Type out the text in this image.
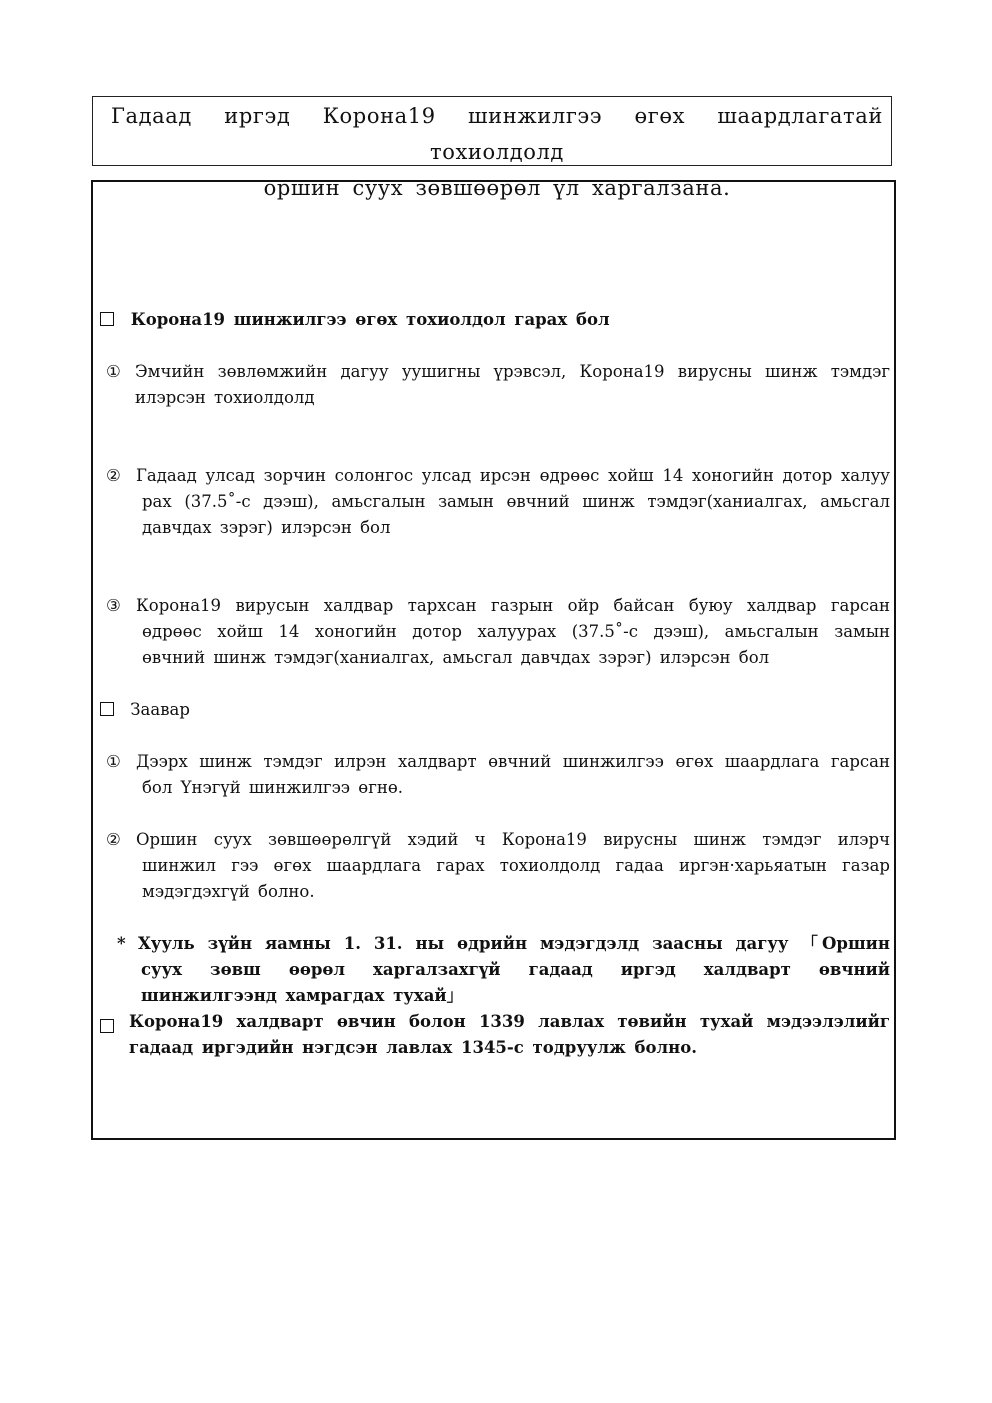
Гадаад иргэд Корона19 шинжилгээ өгөх шаардлагатай тохиолдолд
оршин суух зөвшөөрөл үл харгалзана.
Корона19 шинжилгээ өгөх тохиолдол гарах бол
① Эмчийн зөвлөмжийн дагуу уушигны үрэвсэл, Корона19 вирусны шинж тэмдэг илэрсэн тохиолдолд
② Гадаад улсад зорчин солонгос улсад ирсэн өдрөөс хойш 14 хоногийн дотор халуу рах (37.5˚-с дээш), амьсгалын замын өвчний шинж тэмдэг(ханиалгах, амьсгал давчдах зэрэг) илэрсэн бол
③ Корона19 вирусын халдвар тархсан газрын ойр байсан буюу халдвар гарсан өдрөөс хойш 14 хоногийн дотор халуурах (37.5˚-с дээш), амьсгалын замын өвчний шинж тэмдэг(ханиалгах, амьсгал давчдах зэрэг) илэрсэн бол
Заавар
① Дээрх шинж тэмдэг илрэн халдварт өвчний шинжилгээ өгөх шаардлага гарсан бол Үнэгүй шинжилгээ өгнө.
② Оршин суух зөвшөөрөлгүй хэдий ч Корона19 вирусны шинж тэмдэг илэрч шинжил гээ өгөх шаардлага гарах тохиолдолд гадаа иргэн·харьяатын газар мэдэгдэхгүй болно.
* Хууль зүйн яамны 1. 31. ны өдрийн мэдэгдэлд заасны дагуу 「Оршин суух зөвш өөрөл харгалзахгүй гадаад иргэд халдварт өвчний шинжилгээнд хамрагдах тухай」
Корона19 халдварт өвчин болон 1339 лавлах төвийн тухай мэдээлэлийг гадаад иргэдийн нэгдсэн лавлах 1345-с тодруулж болно.
